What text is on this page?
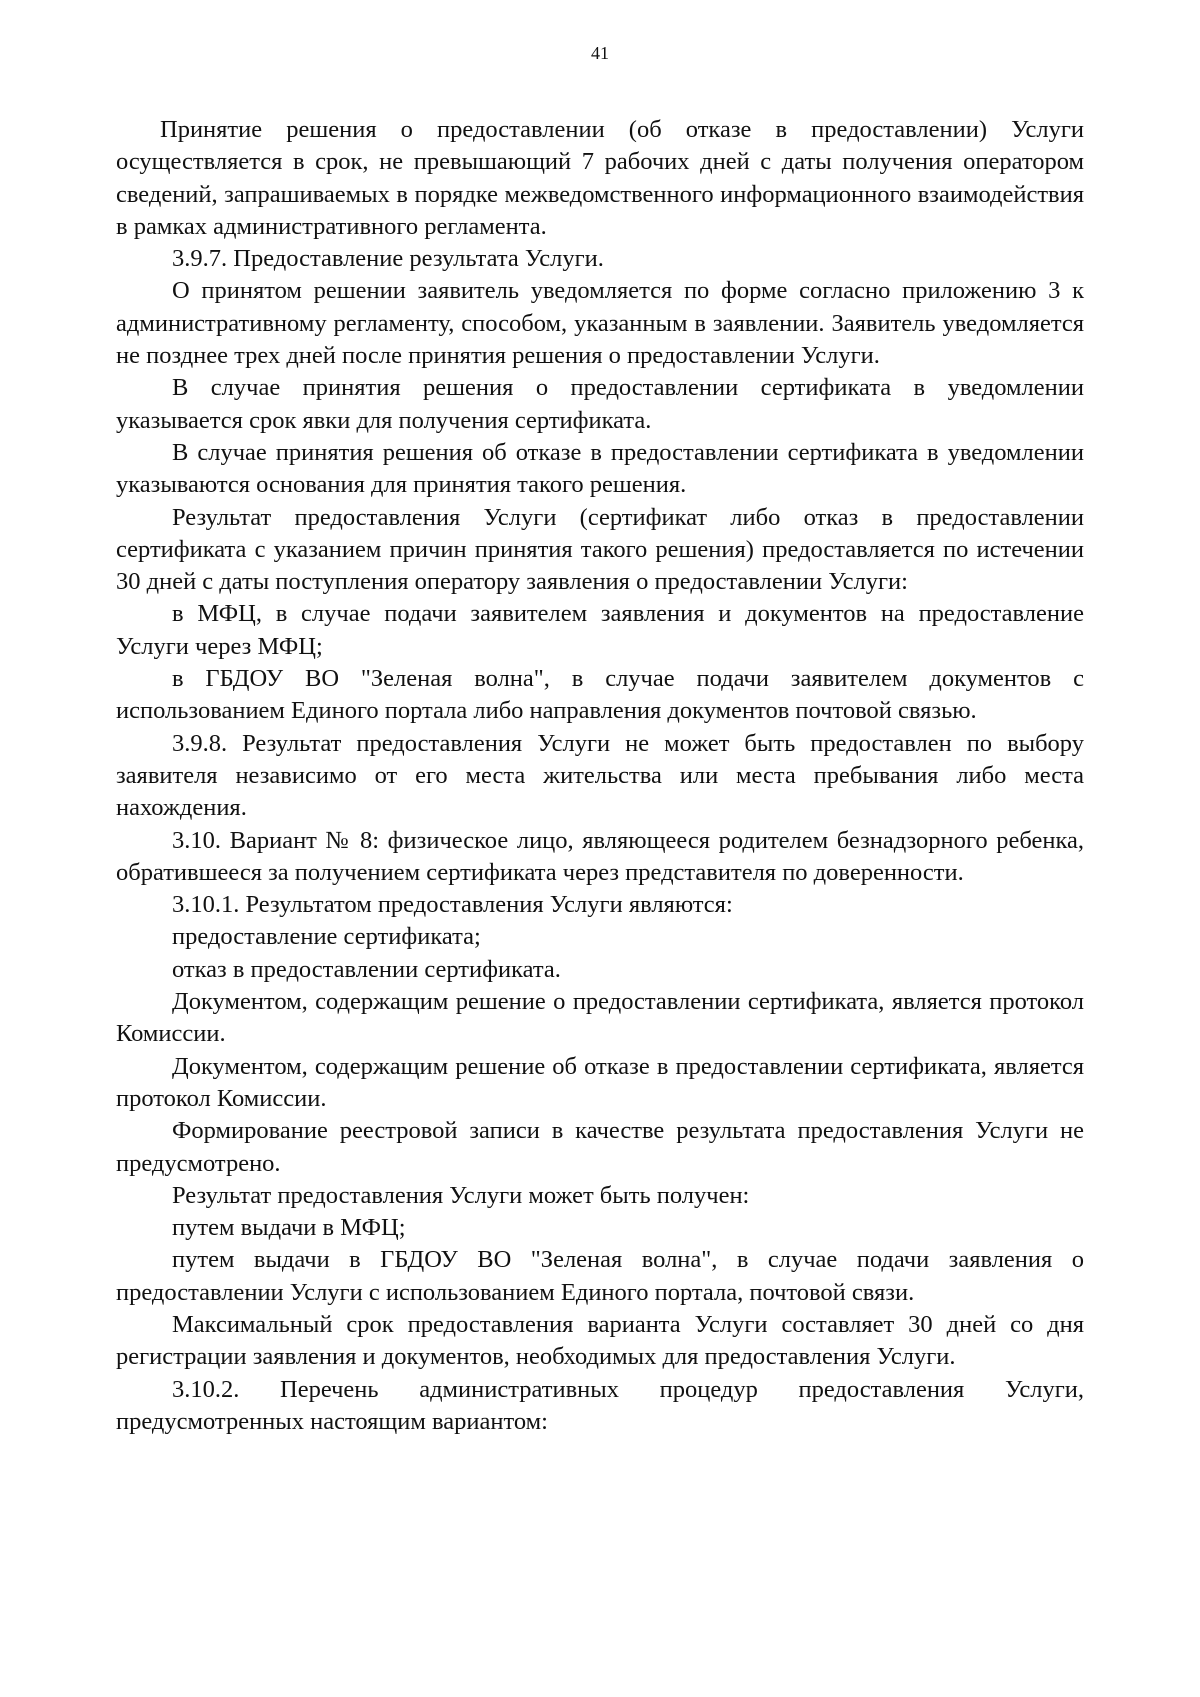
41

Принятие решения о предоставлении (об отказе в предоставлении) Услуги осуществляется в срок, не превышающий 7 рабочих дней с даты получения оператором сведений, запрашиваемых в порядке межведомственного информационного взаимодействия в рамках административного регламента.

3.9.7. Предоставление результата Услуги.

О принятом решении заявитель уведомляется по форме согласно приложению 3 к административному регламенту, способом, указанным в заявлении. Заявитель уведомляется не позднее трех дней после принятия решения о предоставлении Услуги.

В случае принятия решения о предоставлении сертификата в уведомлении указывается срок явки для получения сертификата.

В случае принятия решения об отказе в предоставлении сертификата в уведомлении указываются основания для принятия такого решения.

Результат предоставления Услуги (сертификат либо отказ в предоставлении сертификата с указанием причин принятия такого решения) предоставляется по истечении 30 дней с даты поступления оператору заявления о предоставлении Услуги:

в МФЦ, в случае подачи заявителем заявления и документов на предоставление Услуги через МФЦ;

в ГБДОУ ВО "Зеленая волна", в случае подачи заявителем документов с использованием Единого портала либо направления документов почтовой связью.

3.9.8. Результат предоставления Услуги не может быть предоставлен по выбору заявителя независимо от его места жительства или места пребывания либо места нахождения.

3.10. Вариант № 8: физическое лицо, являющееся родителем безнадзорного ребенка, обратившееся за получением сертификата через представителя по доверенности.

3.10.1. Результатом предоставления Услуги являются:

предоставление сертификата;

отказ в предоставлении сертификата.

Документом, содержащим решение о предоставлении сертификата, является протокол Комиссии.

Документом, содержащим решение об отказе в предоставлении сертификата, является протокол Комиссии.

Формирование реестровой записи в качестве результата предоставления Услуги не предусмотрено.

Результат предоставления Услуги может быть получен:

путем выдачи в МФЦ;

путем выдачи в ГБДОУ ВО "Зеленая волна", в случае подачи заявления о предоставлении Услуги с использованием Единого портала, почтовой связи.

Максимальный срок предоставления варианта Услуги составляет 30 дней со дня регистрации заявления и документов, необходимых для предоставления Услуги.

3.10.2. Перечень административных процедур предоставления Услуги, предусмотренных настоящим вариантом:
